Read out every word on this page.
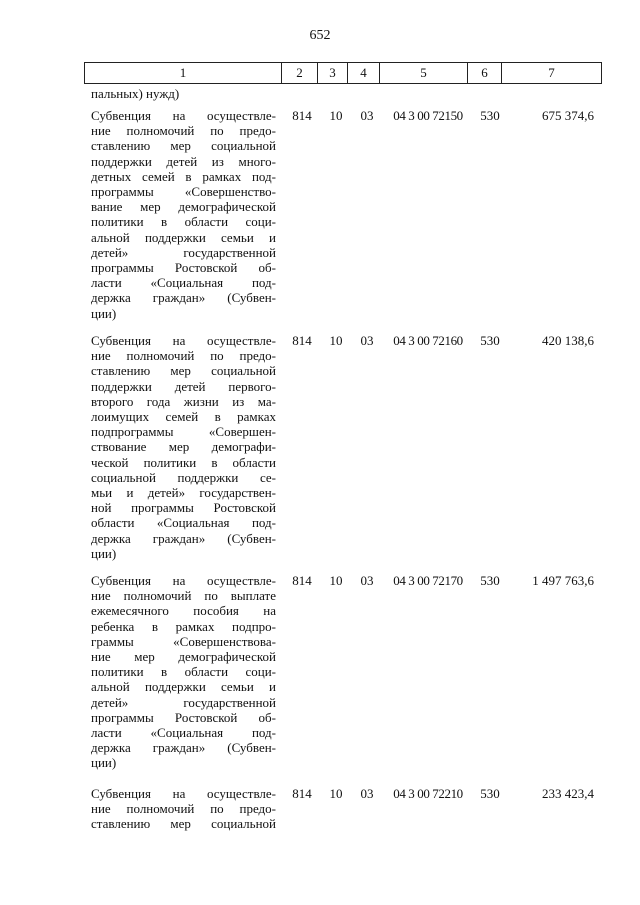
652
1	2	3	4	5	6	7
пальных) нужд)
Субвенция на осуществле-
ние полномочий по предо-
ставлению мер социальной
поддержки детей из много-
детных семей в рамках под-
программы «Совершенство-
вание мер демографической
политики в области соци-
альной поддержки семьи и
детей» государственной
программы Ростовской об-
ласти «Социальная под-
держка граждан» (Субвен-
ции)
814	10	03	04 3 00 72150	530	675 374,6
Субвенция на осуществле-
ние полномочий по предо-
ставлению мер социальной
поддержки детей первого-
второго года жизни из ма-
лоимущих семей в рамках
подпрограммы «Совершен-
ствование мер демографи-
ческой политики в области
социальной поддержки се-
мьи и детей» государствен-
ной программы Ростовской
области «Социальная под-
держка граждан» (Субвен-
ции)
814	10	03	04 3 00 72160	530	420 138,6
Субвенция на осуществле-
ние полномочий по выплате
ежемесячного пособия на
ребенка в рамках подпро-
граммы «Совершенствова-
ние мер демографической
политики в области соци-
альной поддержки семьи и
детей» государственной
программы Ростовской об-
ласти «Социальная под-
держка граждан» (Субвен-
ции)
814	10	03	04 3 00 72170	530	1 497 763,6
Субвенция на осуществле-
ние полномочий по предо-
ставлению мер социальной
814	10	03	04 3 00 72210	530	233 423,4
